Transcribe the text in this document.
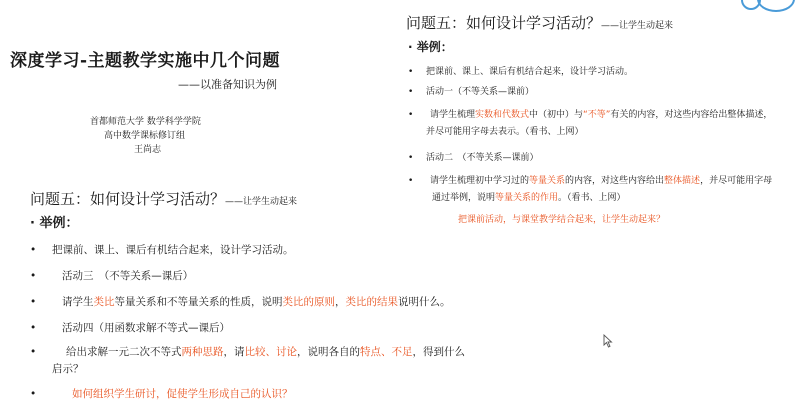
深度学习-主题教学实施中几个问题
——以准备知识为例
首都师范大学 数学科学学院
高中数学课标修订组
王尚志
问题五：如何设计学习活动？——让学生动起来
· 举例：
• 把课前、课上、课后有机结合起来，设计学习活动。
• 活动三　（不等关系—课后）
• 请学生类比等量关系和不等量关系的性质，说明类比的原则，类比的结果说明什么。
• 活动四（用函数求解不等式—课后）
•	给出求解一元二次不等式两种思路，请比较、讨论，说明各自的特点、不足，得到什么
启示？
•	如何组织学生研讨，促使学生形成自己的认识？
问题五：如何设计学习活动？——让学生动起来
· 举例：
• 把课前、课上、课后有机结合起来，设计学习活动。
• 活动一（不等关系—课前）
• 请学生梳理实数和代数式中（初中）与“不等”有关的内容，对这些内容给出整体描述，
并尽可能用字母去表示。（看书、上网）
• 活动二　（不等关系—课前）
• 请学生梳理初中学习过的等量关系的内容，对这些内容给出整体描述，并尽可能用字母
通过举例，说明等量关系的作用。（看书、上网）
把课前活动，与课堂教学结合起来，让学生动起来？
